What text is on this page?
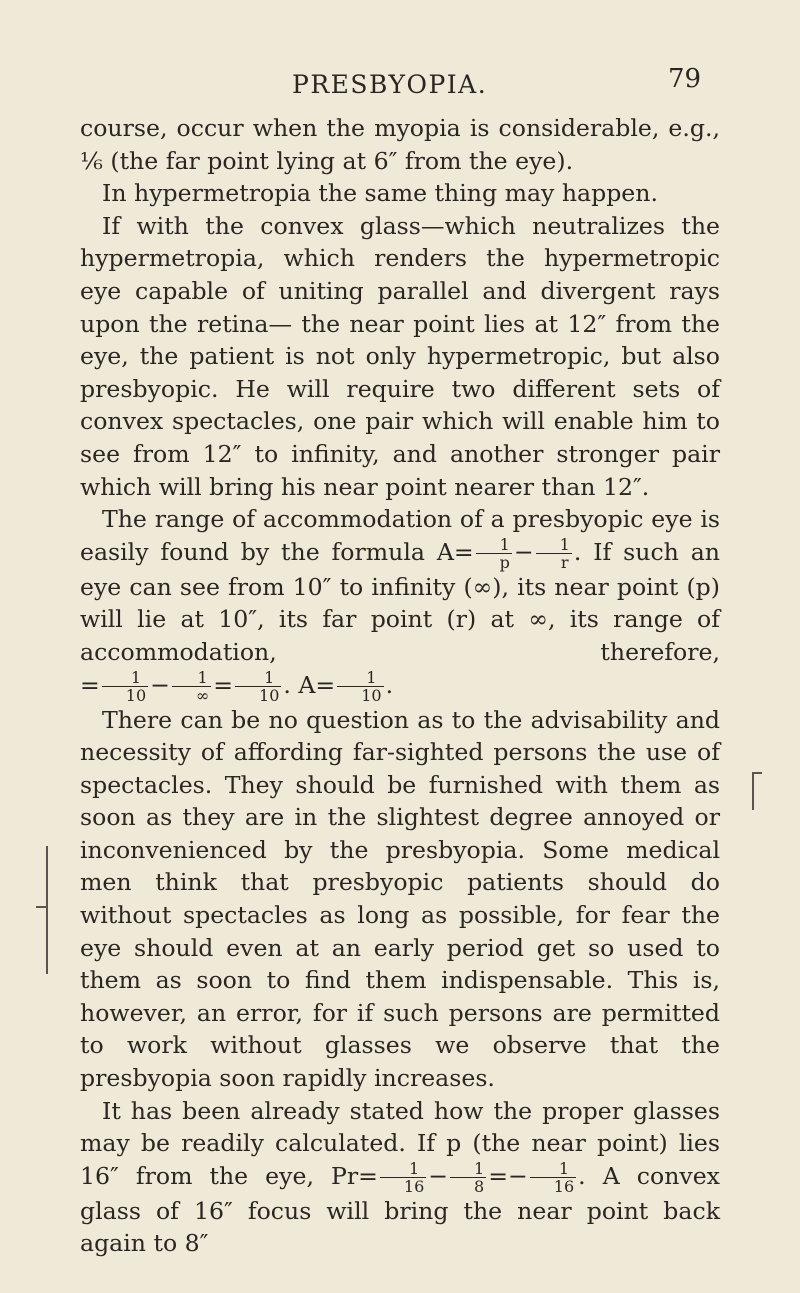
PRESBYOPIA.	79

course, occur when the myopia is considerable, e.g., ⅙ (the far point lying at 6″ from the eye).

In hypermetropia the same thing may happen.

If with the convex glass—which neutralizes the hypermetropia, which renders the hypermetropic eye capable of uniting parallel and divergent rays upon the retina— the near point lies at 12″ from the eye, the patient is not only hypermetropic, but also presbyopic. He will require two different sets of convex spectacles, one pair which will enable him to see from 12″ to infinity, and another stronger pair which will bring his near point nearer than 12″.

The range of accommodation of a presbyopic eye is easily found by the formula $A= \frac{1}{p} - \frac{1}{r}$ . If such an eye can see from 10″ to infinity (∞), its near point (p) will lie at 10″, its far point (r) at ∞, its range of accommodation, therefore, = $\frac{1}{10} - \frac{1}{\infty} = \frac{1}{10}$ . $A= \frac{1}{10}$ .

There can be no question as to the advisability and necessity of affording far-sighted persons the use of spectacles. They should be furnished with them as soon as they are in the slightest degree annoyed or inconvenienced by the presbyopia. Some medical men think that presbyopic patients should do without spectacles as long as possible, for fear the eye should even at an early period get so used to them as soon to find them indispensable. This is, however, an error, for if such persons are permitted to work without glasses we observe that the presbyopia soon rapidly increases.

It has been already stated how the proper glasses may be readily calculated. If p (the near point) lies 16″ from the eye, $Pr= \frac{1}{16} - \frac{1}{8} =- \frac{1}{16}$ . A convex glass of 16″ focus will bring the near point back again to 8″
